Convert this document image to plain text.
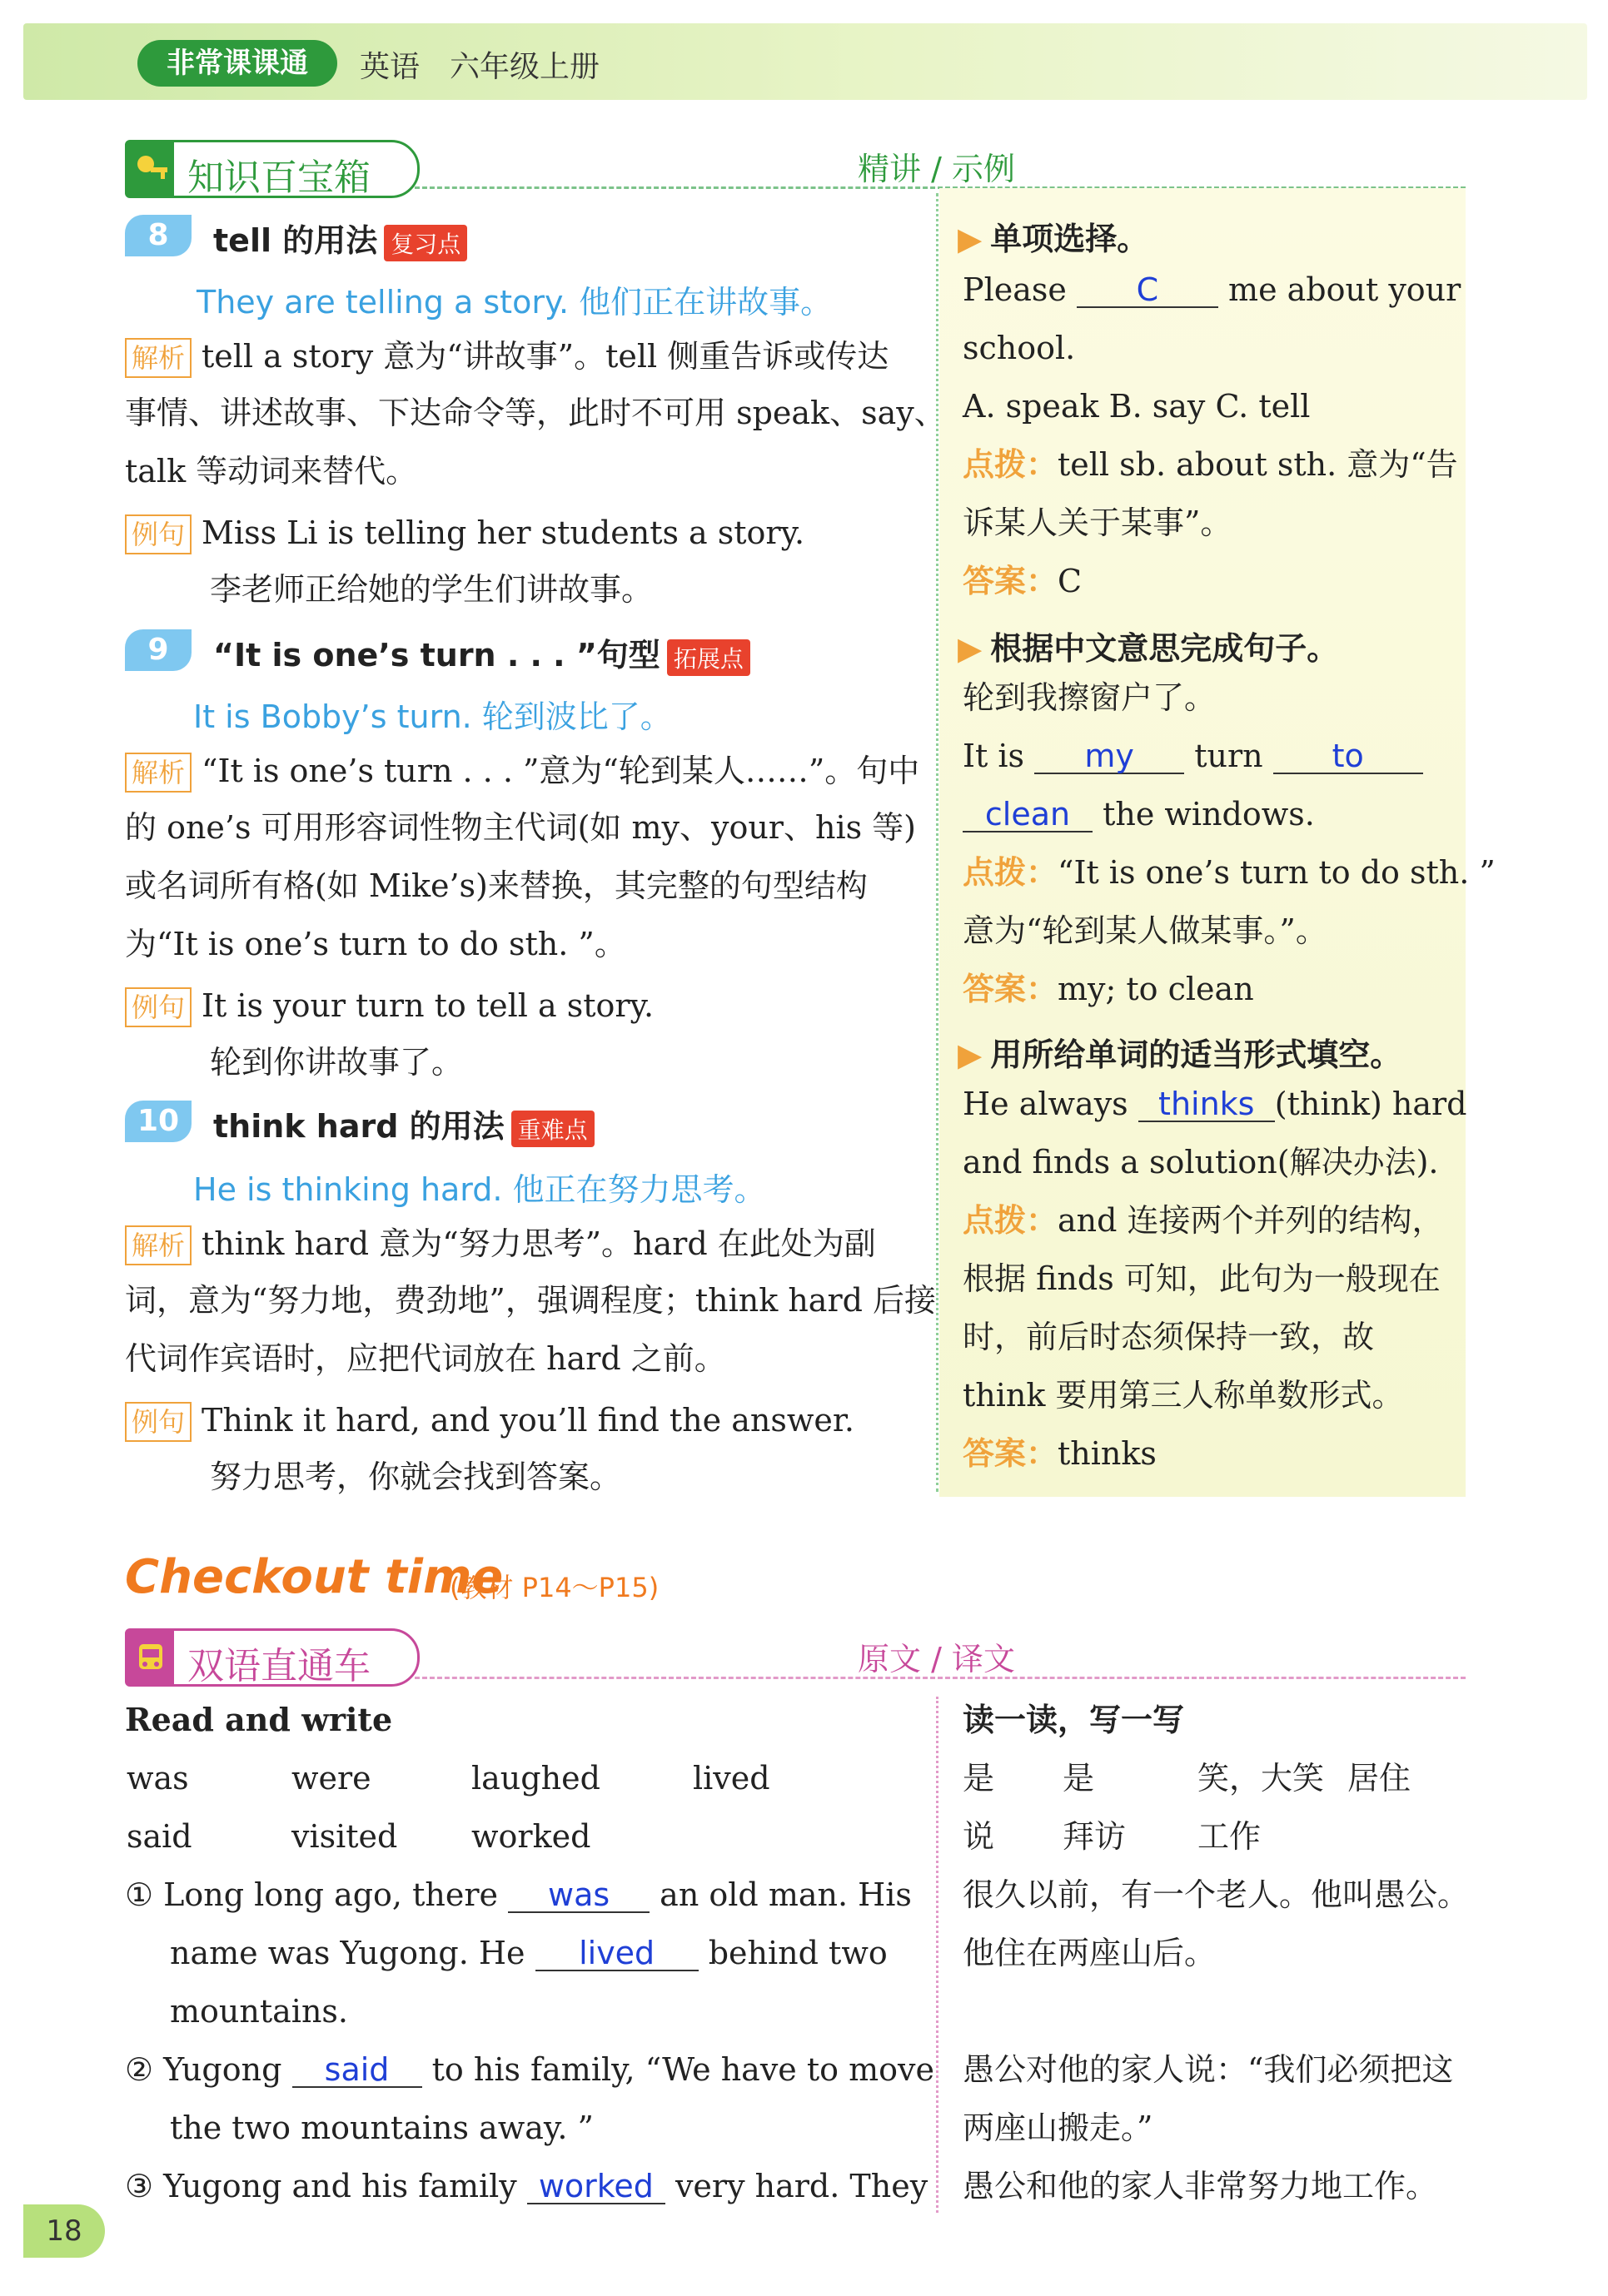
非常课课通	英语 六年级上册
知识百宝箱	精讲 / 示例
8	tell 的用法 复习点
They are telling a story. 他们正在讲故事。
解析 tell a story 意为“讲故事”。tell 侧重告诉或传达
事情、讲述故事、下达命令等，此时不可用 speak、say、
talk 等动词来替代。
例句 Miss Li is telling her students a story.
李老师正给她的学生们讲故事。
9	“It is one’s turn . . . ”句型 拓展点
It is Bobby’s turn. 轮到波比了。
解析 “It is one’s turn . . . ”意为“轮到某人……”。句中
的 one’s 可用形容词性物主代词(如 my、your、his 等)
或名词所有格(如 Mike’s)来替换，其完整的句型结构
为“It is one’s turn to do sth. ”。
例句 It is your turn to tell a story.
轮到你讲故事了。
10	think hard 的用法 重难点
He is thinking hard. 他正在努力思考。
解析 think hard 意为“努力思考”。hard 在此处为副
词，意为“努力地，费劲地”，强调程度；think hard 后接
代词作宾语时，应把代词放在 hard 之前。
例句 Think it hard, and you’ll find the answer.
努力思考，你就会找到答案。
▶ 单项选择。
Please C me about your
school.
A. speak B. say C. tell
点拨：tell sb. about sth. 意为“告
诉某人关于某事”。
答案：C
▶ 根据中文意思完成句子。
轮到我擦窗户了。
It is my turn to
clean the windows.
点拨：“It is one’s turn to do sth. ”
意为“轮到某人做某事。”。
答案：my; to clean
▶ 用所给单词的适当形式填空。
He always thinks (think) hard
and finds a solution(解决办法).
点拨：and 连接两个并列的结构，
根据 finds 可知，此句为一般现在
时，前后时态须保持一致，故
think 要用第三人称单数形式。
答案：thinks
Checkout time
(教材 P14～P15)
双语直通车	原文 / 译文
Read and write
was	were	laughed	lived
said	visited worked
① Long long ago, there was an old man. His
name was Yugong. He lived behind two
mountains.
② Yugong said to his family, “We have to move
the two mountains away. ”
③ Yugong and his family worked very hard. They
读一读，写一写
是 是	笑，大笑 居住
说 拜访 工作
很久以前，有一个老人。他叫愚公。
他住在两座山后。
愚公对他的家人说：“我们必须把这
两座山搬走。”
愚公和他的家人非常努力地工作。
18
